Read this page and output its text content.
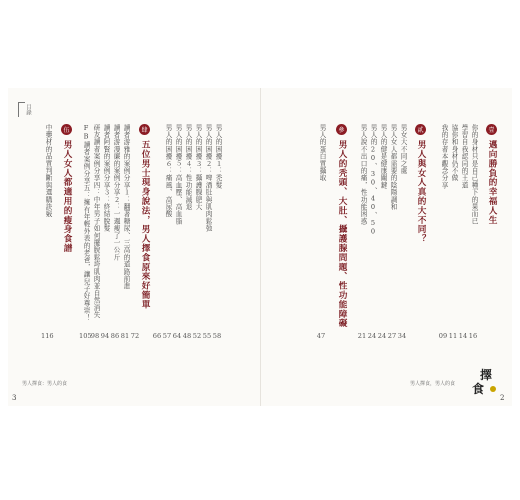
男人的困擾１：禿髮
男人的困擾２：啤酒肚與肌肉鬆弛
男人的困擾３：攝護腺肥大
男人的困擾４：性功能減退
男人的困擾５：高血壓、高血脂
男人的困擾６：痛風、高尿酸
58
55
52
48
64
57
66
肆
五位男士現身說法，男人擇食原來好簡單
讀者游雅的案例分享１：翻著糖尿、三高的道路前進
讀者游漫廉的案例分享２：一週瘦了一公斤
讀者阿賢的案例分享３：終結脫髮
研友讀者案例分享四：中年男子如何擺脫鬆垮肌肉並自然消失
FB讀者案例分享五：擁有年輕外表的老爸，讓兒子好尊崇！
72
81
86
94
98
105
伍
男人女人都適用的瘦身食譜
中藥材的品質判斷與選購訣竅
116
目錄
男人擇食：男人的食
3
壹
邁向勝負的幸福人生
你的身材只是自己種下的果而已
學習自我認同的王道
協你和身材仍不做
我的存者本觀念分享
16
14
11
09
貳
男人與女人真的大不同？
男女大不同之處
男人女人都需要的陰陽調和
男人的健是健康關鍵
男人的20、30、40、50
男人說不出口的痛，性功能困惑
34
27
24
24
21
參
男人的秃頭、大肚、攝護腺問題、性功能障礙
男人的蛋白質攝取
47
男人擇食，男人的食
擇
食
2
